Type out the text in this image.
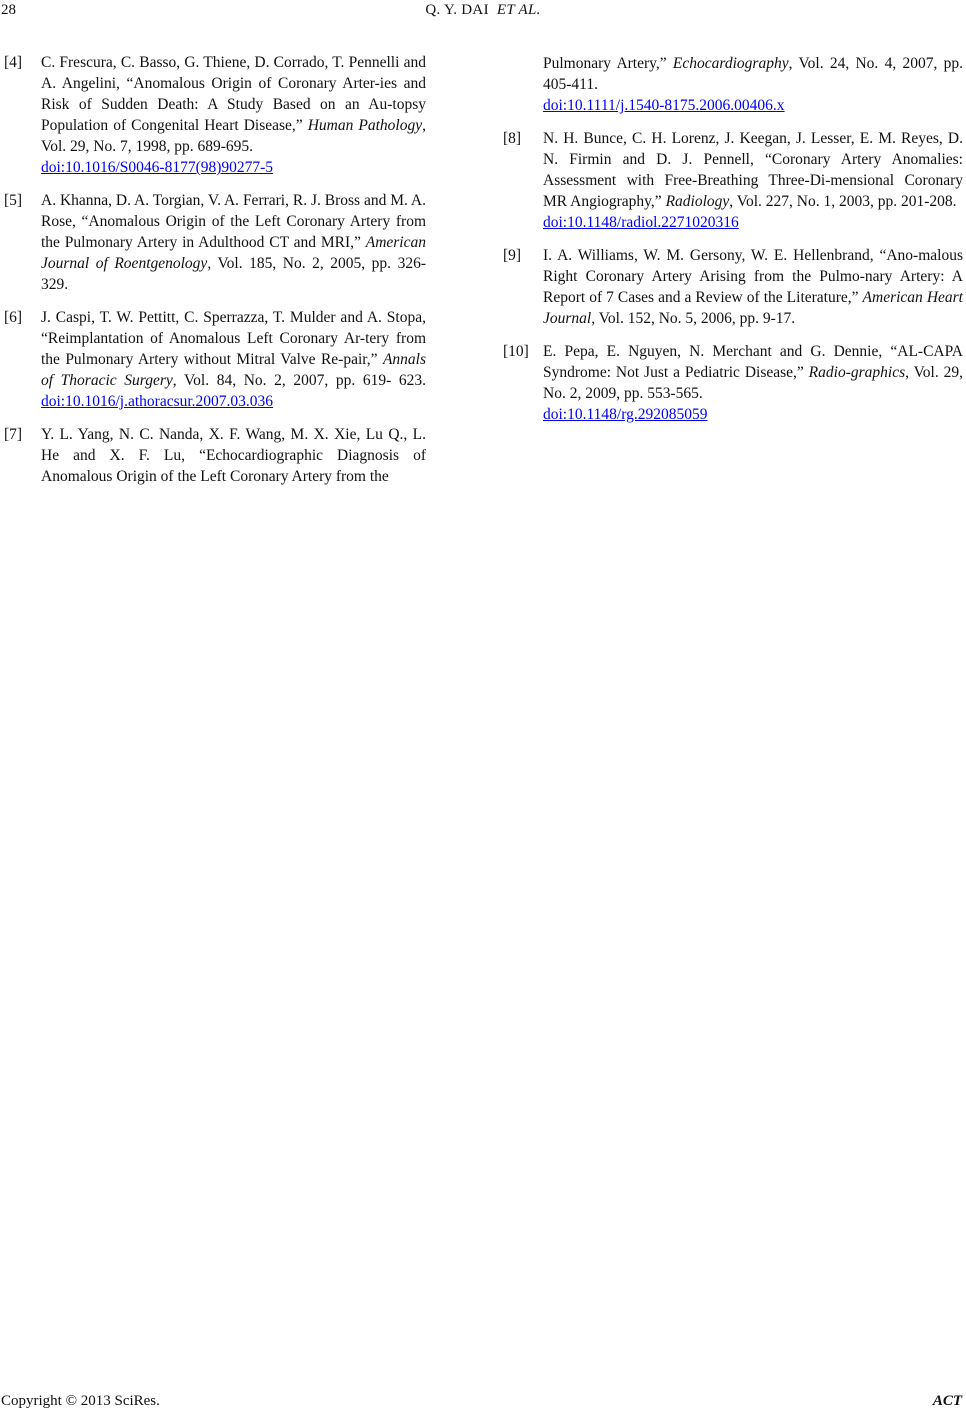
28	Q. Y. DAI ET AL.
[4] C. Frescura, C. Basso, G. Thiene, D. Corrado, T. Pennelli and A. Angelini, “Anomalous Origin of Coronary Arter-ies and Risk of Sudden Death: A Study Based on an Au-topsy Population of Congenital Heart Disease,” Human Pathology, Vol. 29, No. 7, 1998, pp. 689-695.
doi:10.1016/S0046-8177(98)90277-5
[5] A. Khanna, D. A. Torgian, V. A. Ferrari, R. J. Bross and M. A. Rose, “Anomalous Origin of the Left Coronary Artery from the Pulmonary Artery in Adulthood CT and MRI,” American Journal of Roentgenology, Vol. 185, No. 2, 2005, pp. 326-329.
[6] J. Caspi, T. W. Pettitt, C. Sperrazza, T. Mulder and A. Stopa, “Reimplantation of Anomalous Left Coronary Ar-tery from the Pulmonary Artery without Mitral Valve Re-pair,” Annals of Thoracic Surgery, Vol. 84, No. 2, 2007, pp. 619- 623. doi:10.1016/j.athoracsur.2007.03.036
[7] Y. L. Yang, N. C. Nanda, X. F. Wang, M. X. Xie, Lu Q., L. He and X. F. Lu, “Echocardiographic Diagnosis of Anomalous Origin of the Left Coronary Artery from the
Pulmonary Artery,” Echocardiography, Vol. 24, No. 4, 2007, pp. 405-411.
doi:10.1111/j.1540-8175.2006.00406.x
[8] N. H. Bunce, C. H. Lorenz, J. Keegan, J. Lesser, E. M. Reyes, D. N. Firmin and D. J. Pennell, “Coronary Artery Anomalies: Assessment with Free-Breathing Three-Di-mensional Coronary MR Angiography,” Radiology, Vol. 227, No. 1, 2003, pp. 201-208.
doi:10.1148/radiol.2271020316
[9] I. A. Williams, W. M. Gersony, W. E. Hellenbrand, “Ano-malous Right Coronary Artery Arising from the Pulmo-nary Artery: A Report of 7 Cases and a Review of the Literature,” American Heart Journal, Vol. 152, No. 5, 2006, pp. 9-17.
[10] E. Pepa, E. Nguyen, N. Merchant and G. Dennie, “AL-CAPA Syndrome: Not Just a Pediatric Disease,” Radio-graphics, Vol. 29, No. 2, 2009, pp. 553-565.
doi:10.1148/rg.292085059
Copyright © 2013 SciRes.	ACT
